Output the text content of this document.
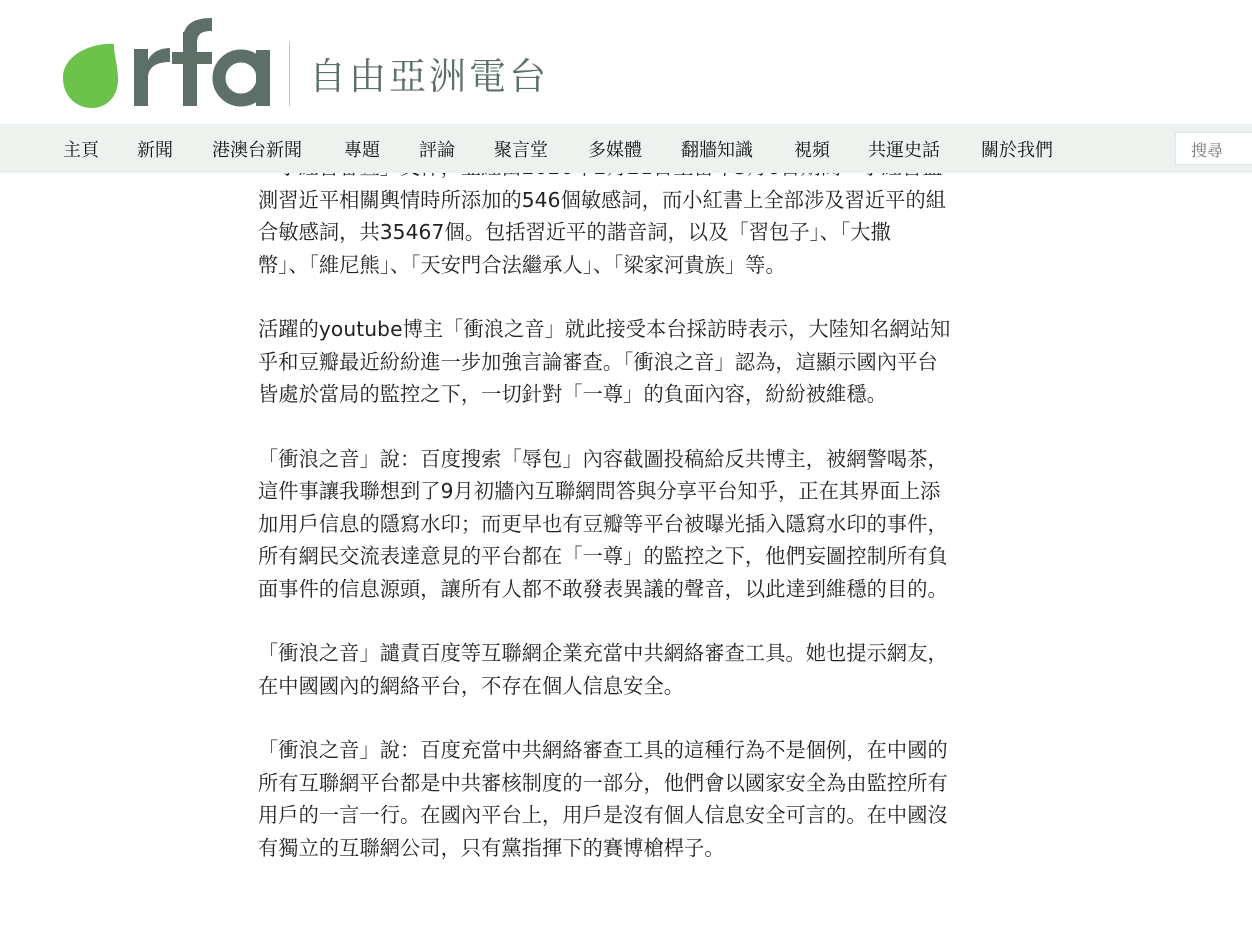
測習近平相關輿情時所添加的546個敏感詞，而小紅書上全部涉及習近平的組
合敏感詞，共35467個。包括習近平的諧音詞，以及「習包子」、「大撒
幣」、「維尼熊」、「天安門合法繼承人」、「梁家河貴族」等。

活躍的youtube博主「衝浪之音」就此接受本台採訪時表示，大陸知名網站知
乎和豆瓣最近紛紛進一步加強言論審查。「衝浪之音」認為，這顯示國內平台
皆處於當局的監控之下，一切針對「一尊」的負面內容，紛紛被維穩。

「衝浪之音」說：百度搜索「辱包」內容截圖投稿給反共博主，被網警喝茶，
這件事讓我聯想到了9月初牆內互聯網問答與分享平台知乎，正在其界面上添
加用戶信息的隱寫水印；而更早也有豆瓣等平台被曝光插入隱寫水印的事件，
所有網民交流表達意見的平台都在「一尊」的監控之下，他們妄圖控制所有負
面事件的信息源頭，讓所有人都不敢發表異議的聲音，以此達到維穩的目的。

「衝浪之音」譴責百度等互聯網企業充當中共網絡審查工具。她也提示網友，
在中國國內的網絡平台，不存在個人信息安全。

「衝浪之音」說：百度充當中共網絡審查工具的這種行為不是個例，在中國的
所有互聯網平台都是中共審核制度的一部分，他們會以國家安全為由監控所有
用戶的一言一行。在國內平台上，用戶是沒有個人信息安全可言的。在中國沒
有獨立的互聯網公司，只有黨指揮下的賽博槍桿子。

自由亞洲電台
主頁 新聞 港澳台新聞 專題 評論 聚言堂 多媒體 翻牆知識 視頻 共運史話 關於我們	搜尋
